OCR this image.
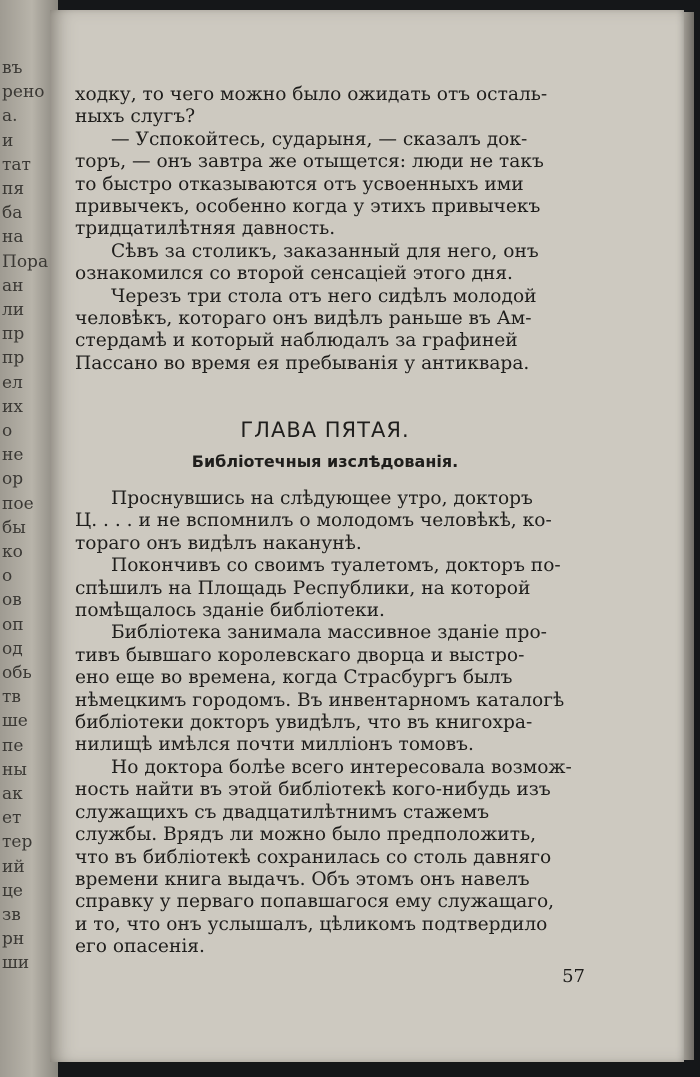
въ
рено
а.
и
тат
пя
ба
на
Пора
ан
ли
пр
пр
ел
их
о
не
ор
пое
бы
ко
о
ов
оп
од
обь
тв
ше
пе
ны
ак
ет
тер
ий
це
зв
рн
ши

ходку, то чего можно было ожидать отъ осталь-
ныхъ слугъ?

— Успокойтесь, сударыня, — сказалъ док-
торъ, — онъ завтра же отыщется: люди не такъ
то быстро отказываются отъ усвоенныхъ ими
привычекъ, особенно когда у этихъ привычекъ
тридцатилѣтняя давность.

Сѣвъ за столикъ, заказанный для него, онъ
ознакомился со второй сенсаціей этого дня.

Черезъ три стола отъ него сидѣлъ молодой
человѣкъ, котораго онъ видѣлъ раньше въ Ам-
стердамѣ и который наблюдалъ за графиней
Пассано во время ея пребыванія у антиквара.

ГЛАВА ПЯТАЯ.
Библіотечныя изслѣдованія.

Проснувшись на слѣдующее утро, докторъ
Ц. . . . и не вспомнилъ о молодомъ человѣкѣ, ко-
тораго онъ видѣлъ наканунѣ.

Покончивъ со своимъ туалетомъ, докторъ по-
спѣшилъ на Площадь Республики, на которой
помѣщалось зданіе библіотеки.

Библіотека занимала массивное зданіе про-
тивъ бывшаго королевскаго дворца и выстро-
ено еще во времена, когда Страсбургъ былъ
нѣмецкимъ городомъ. Въ инвентарномъ каталогѣ
библіотеки докторъ увидѣлъ, что въ книгохра-
нилищѣ имѣлся почти милліонъ томовъ.

Но доктора болѣе всего интересовала возмож-
ность найти въ этой библіотекѣ кого-нибудь изъ
служащихъ съ двадцатилѣтнимъ стажемъ
службы. Врядъ ли можно было предположить,
что въ библіотекѣ сохранилась со столь давняго
времени книга выдачъ. Объ этомъ онъ навелъ
справку у перваго попавшагося ему служащаго,
и то, что онъ услышалъ, цѣликомъ подтвердило
его опасенія.

57
